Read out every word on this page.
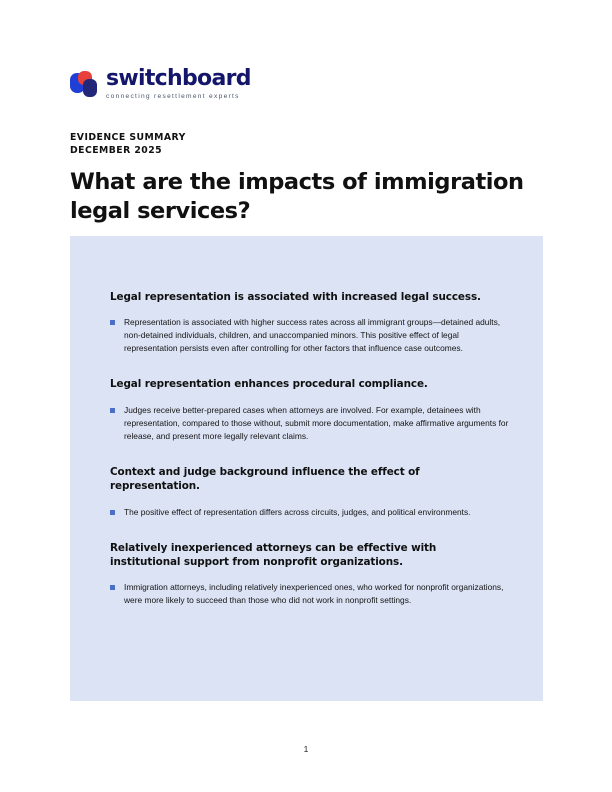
switchboard
connecting resettlement experts
EVIDENCE SUMMARY
DECEMBER 2025
What are the impacts of immigration legal services?
Legal representation is associated with increased legal success.
Representation is associated with higher success rates across all immigrant groups—detained adults, non-detained individuals, children, and unaccompanied minors. This positive effect of legal representation persists even after controlling for other factors that influence case outcomes.
Legal representation enhances procedural compliance.
Judges receive better-prepared cases when attorneys are involved. For example, detainees with representation, compared to those without, submit more documentation, make affirmative arguments for release, and present more legally relevant claims.
Context and judge background influence the effect of representation.
The positive effect of representation differs across circuits, judges, and political environments.
Relatively inexperienced attorneys can be effective with institutional support from nonprofit organizations.
Immigration attorneys, including relatively inexperienced ones, who worked for nonprofit organizations, were more likely to succeed than those who did not work in nonprofit settings.
1
